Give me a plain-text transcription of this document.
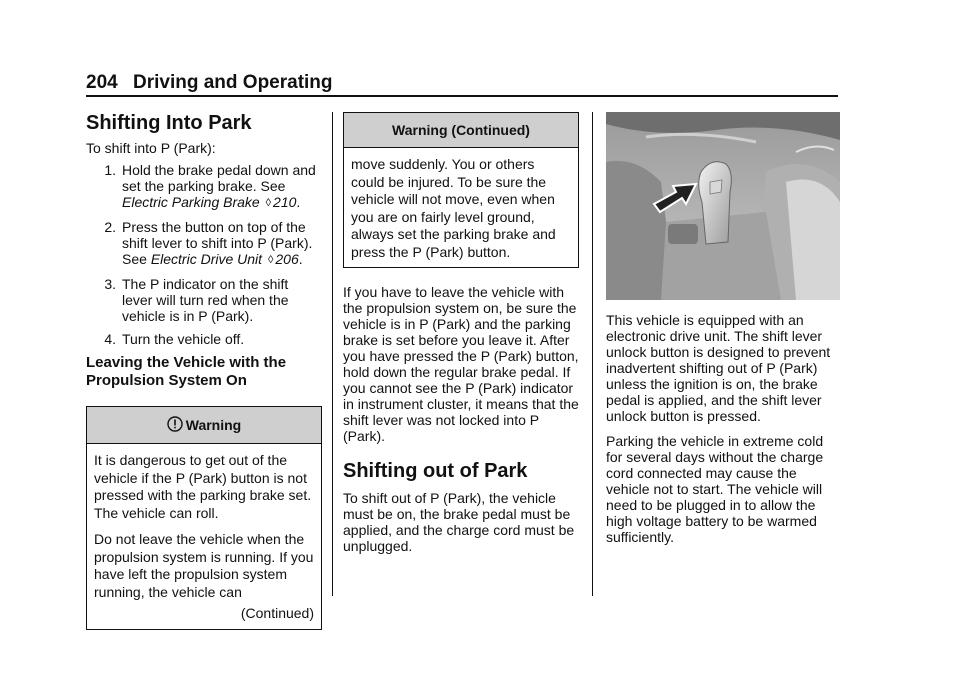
204 Driving and Operating
Shifting Into Park

To shift into P (Park):

1. Hold the brake pedal down and set the parking brake. See Electric Parking Brake ◊ 210.
2. Press the button on top of the shift lever to shift into P (Park). See Electric Drive Unit ◊ 206.
3. The P indicator on the shift lever will turn red when the vehicle is in P (Park).
4. Turn the vehicle off.
Leaving the Vehicle with the Propulsion System On
Warning

It is dangerous to get out of the vehicle if the P (Park) button is not pressed with the parking brake set. The vehicle can roll.

Do not leave the vehicle when the propulsion system is running. If you have left the propulsion system running, the vehicle can

(Continued)
Warning (Continued)

move suddenly. You or others could be injured. To be sure the vehicle will not move, even when you are on fairly level ground, always set the parking brake and press the P (Park) button.

If you have to leave the vehicle with the propulsion system on, be sure the vehicle is in P (Park) and the parking brake is set before you leave it. After you have pressed the P (Park) button, hold down the regular brake pedal. If you cannot see the P (Park) indicator in instrument cluster, it means that the shift lever was not locked into P (Park).

Shifting out of Park

To shift out of P (Park), the vehicle must be on, the brake pedal must be applied, and the charge cord must be unplugged.

This vehicle is equipped with an electronic drive unit. The shift lever unlock button is designed to prevent inadvertent shifting out of P (Park) unless the ignition is on, the brake pedal is applied, and the shift lever unlock button is pressed.

Parking the vehicle in extreme cold for several days without the charge cord connected may cause the vehicle not to start. The vehicle will need to be plugged in to allow the high voltage battery to be warmed sufficiently.
